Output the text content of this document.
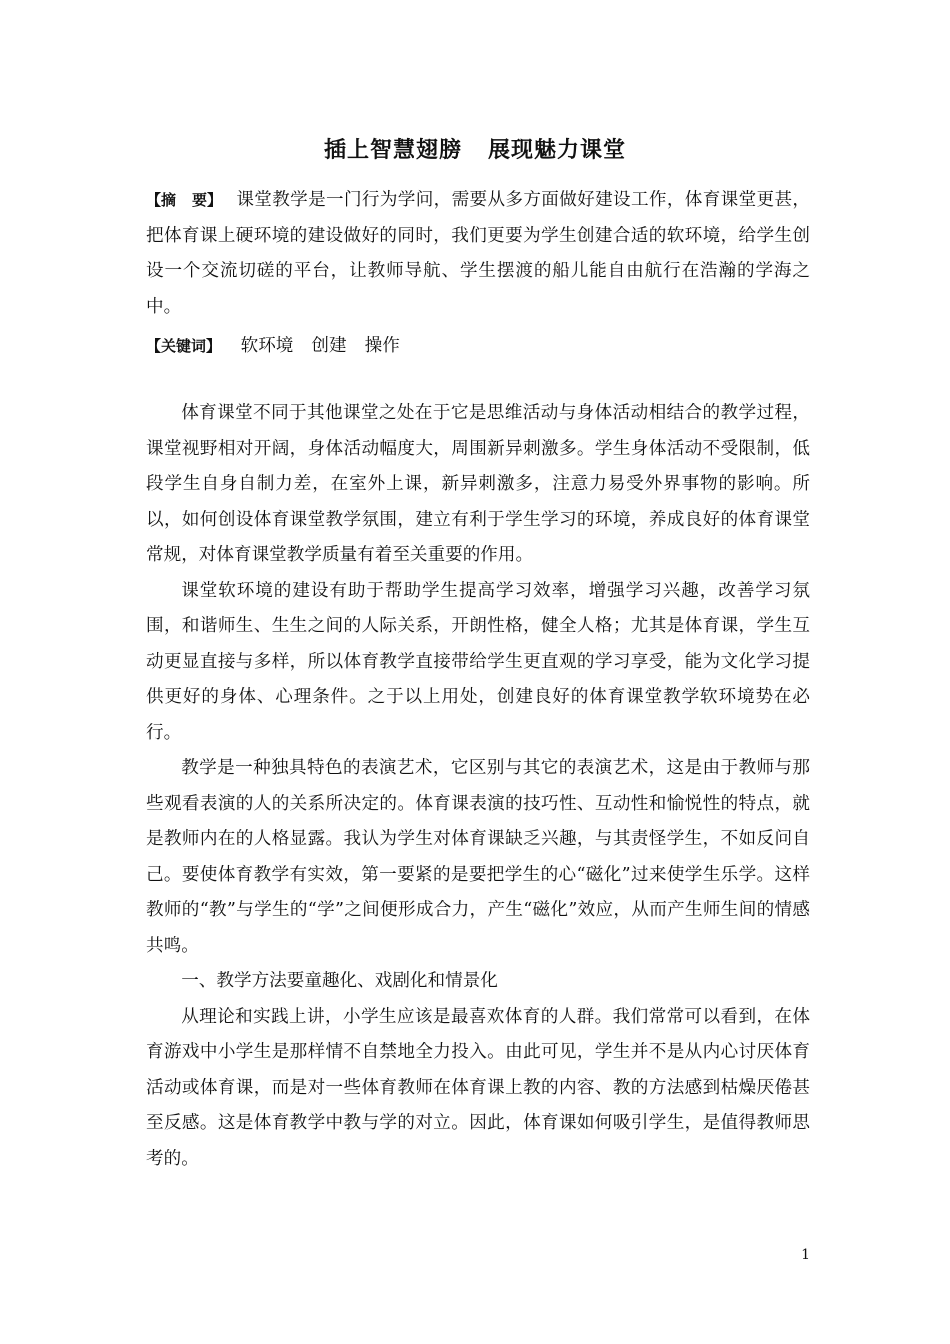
插上智慧翅膀 展现魅力课堂
【摘 要】 课堂教学是一门行为学问，需要从多方面做好建设工作，体育课堂更甚，把体育课上硬环境的建设做好的同时，我们更要为学生创建合适的软环境，给学生创设一个交流切磋的平台，让教师导航、学生摆渡的船儿能自由航行在浩瀚的学海之中。
【关键词】 软环境 创建 操作

体育课堂不同于其他课堂之处在于它是思维活动与身体活动相结合的教学过程，课堂视野相对开阔，身体活动幅度大，周围新异刺激多。学生身体活动不受限制，低段学生自身自制力差，在室外上课，新异刺激多，注意力易受外界事物的影响。所以，如何创设体育课堂教学氛围，建立有利于学生学习的环境，养成良好的体育课堂常规，对体育课堂教学质量有着至关重要的作用。

课堂软环境的建设有助于帮助学生提高学习效率，增强学习兴趣，改善学习氛围，和谐师生、生生之间的人际关系，开朗性格，健全人格；尤其是体育课，学生互动更显直接与多样，所以体育教学直接带给学生更直观的学习享受，能为文化学习提供更好的身体、心理条件。之于以上用处，创建良好的体育课堂教学软环境势在必行。

教学是一种独具特色的表演艺术，它区别与其它的表演艺术，这是由于教师与那些观看表演的人的关系所决定的。体育课表演的技巧性、互动性和愉悦性的特点，就是教师内在的人格显露。我认为学生对体育课缺乏兴趣，与其责怪学生，不如反问自己。要使体育教学有实效，第一要紧的是要把学生的心“磁化”过来使学生乐学。这样教师的“教”与学生的“学”之间便形成合力，产生“磁化”效应，从而产生师生间的情感共鸣。

一、教学方法要童趣化、戏剧化和情景化

从理论和实践上讲，小学生应该是最喜欢体育的人群。我们常常可以看到，在体育游戏中小学生是那样情不自禁地全力投入。由此可见，学生并不是从内心讨厌体育活动或体育课，而是对一些体育教师在体育课上教的内容、教的方法感到枯燥厌倦甚至反感。这是体育教学中教与学的对立。因此，体育课如何吸引学生，是值得教师思考的。

1
